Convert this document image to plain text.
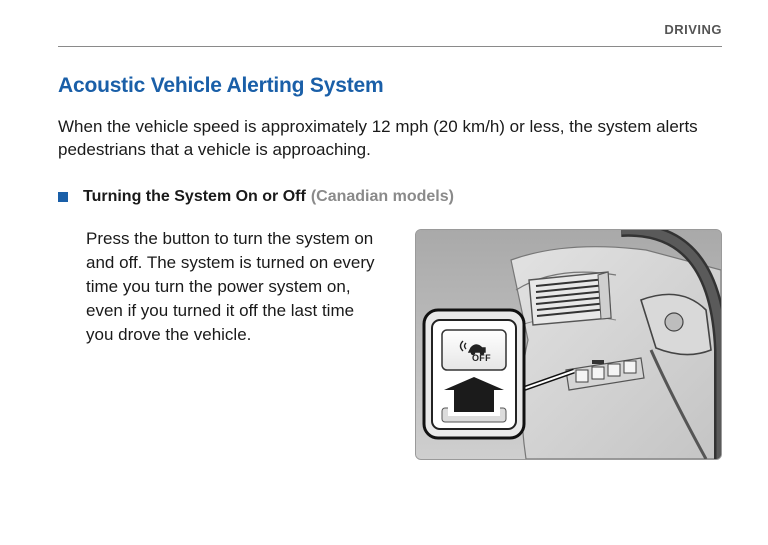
DRIVING
Acoustic Vehicle Alerting System

When the vehicle speed is approximately 12 mph (20 km/h) or less, the system alerts pedestrians that a vehicle is approaching.

Turning the System On or Off (Canadian models)

Press the button to turn the system on and off. The system is turned on every time you turn the power system on, even if you turned it off the last time you drove the vehicle.

OFF
